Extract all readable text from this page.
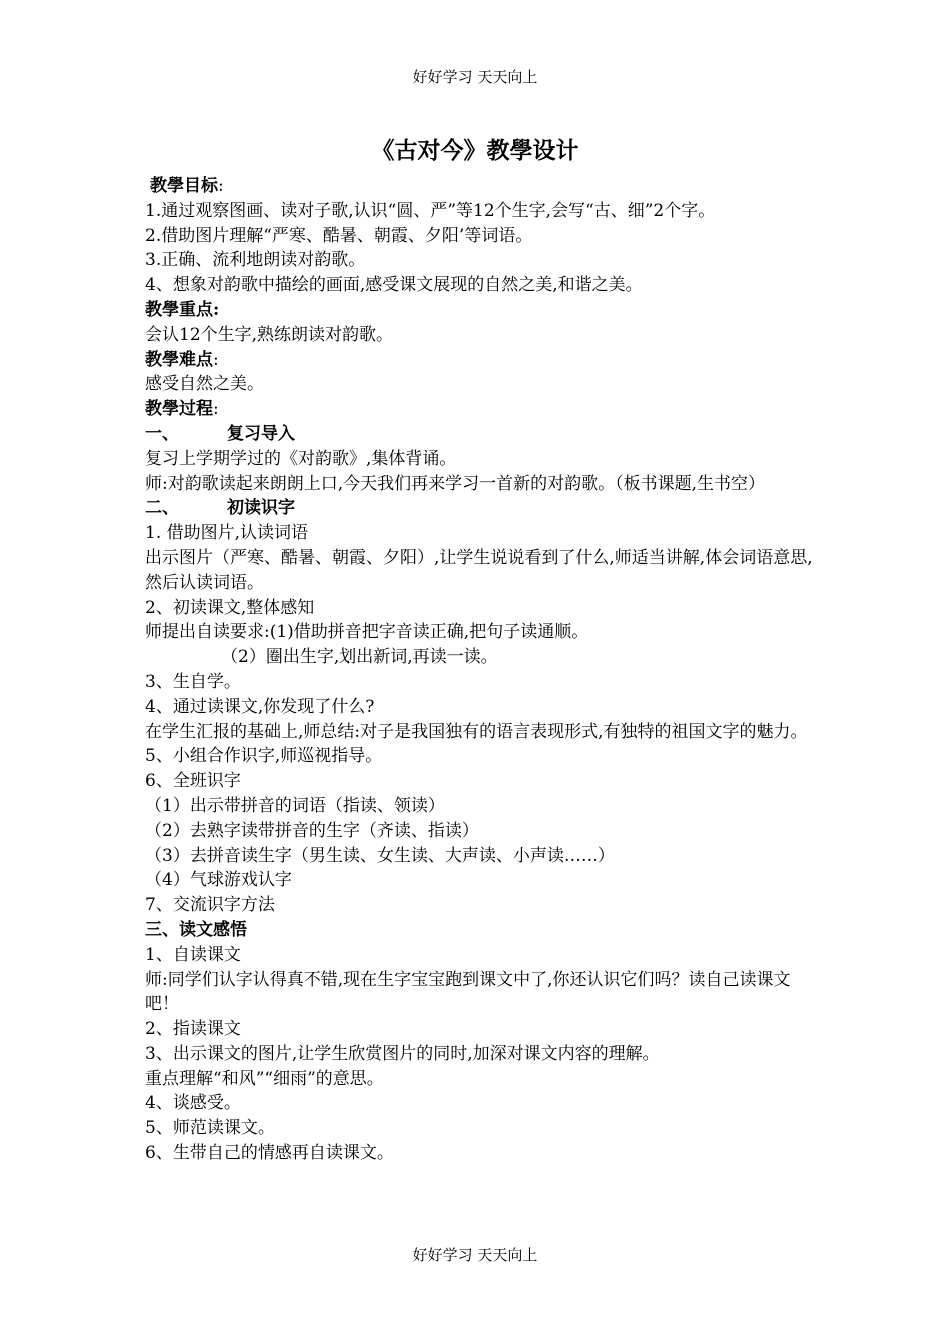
好好学习 天天向上
《古对今》教學设计

教學目标:

1.通过观察图画、读对子歌,认识“圆、严”等12个生字,会写“古、细”2个字。

2.借助图片理解“严寒、酷暑、朝霞、夕阳’等词语。

3.正确、流利地朗读对韵歌。

4、想象对韵歌中描绘的画面,感受课文展现的自然之美,和谐之美。

教學重点:

会认12个生字,熟练朗读对韵歌。

教學难点:

感受自然之美。

教學过程:

一、	复习导入

复习上学期学过的《对韵歌》,集体背诵。

师:对韵歌读起来朗朗上口,今天我们再来学习一首新的对韵歌。（板书课题,生书空）

二、	初读识字

1. 借助图片,认读词语

出示图片（严寒、酷暑、朝霞、夕阳）,让学生说说看到了什么,师适当讲解,体会词语意思,然后认读词语。

2、初读课文,整体感知

师提出自读要求:(1)借助拼音把字音读正确,把句子读通顺。

（2）圈出生字,划出新词,再读一读。

3、生自学。

4、通过读课文,你发现了什么?

在学生汇报的基础上,师总结:对子是我国独有的语言表现形式,有独特的祖国文字的魅力。

5、小组合作识字,师巡视指导。

6、全班识字

（1）出示带拼音的词语（指读、领读）

（2）去熟字读带拼音的生字（齐读、指读）

（3）去拼音读生字（男生读、女生读、大声读、小声读……）

（4）气球游戏认字

7、交流识字方法

三、读文感悟

1、自读课文

师:同学们认字认得真不错,现在生字宝宝跑到课文中了,你还认识它们吗？读自己读课文吧！

2、指读课文

3、出示课文的图片,让学生欣赏图片的同时,加深对课文内容的理解。

重点理解“和风”“细雨”的意思。

4、谈感受。

5、师范读课文。

6、生带自己的情感再自读课文。

好好学习 天天向上
